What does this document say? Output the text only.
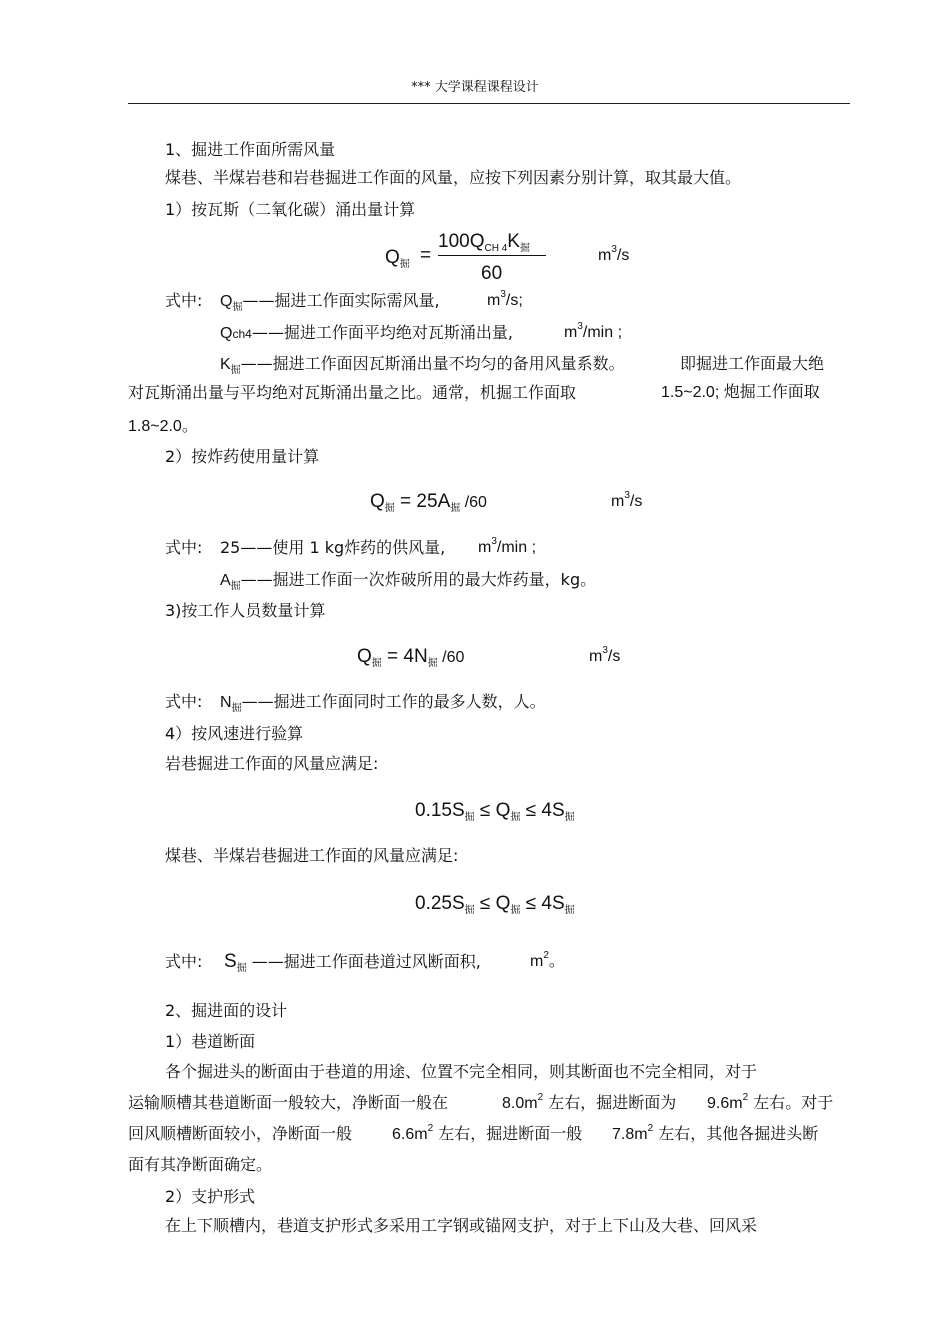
*** 大学课程课程设计
1、掘进工作面所需风量
煤巷、半煤岩巷和岩巷掘进工作面的风量，应按下列因素分别计算，取其最大值。
1）按瓦斯（二氧化碳）涌出量计算
$Q_掘$ =
$100Q_{CH 4}K_掘$
60
$m^3/s$
式中: $Q_掘——$掘进工作面实际需风量,	$m^3/s$;
Qch4——掘进工作面平均绝对瓦斯涌出量,	$m^3/\min$ ;
$K_掘——$掘进工作面因瓦斯涌出量不均匀的备用风量系数。	即掘进工作面最大绝
对瓦斯涌出量与平均绝对瓦斯涌出量之比。通常，机掘工作面取	1.5~2.0; 炮掘工作面取
1.8~2.0。
2）按炸药使用量计算
$Q_掘 = 25A_掘$ /60	$m^3/s$
式中: 25——使用 1 kg炸药的供风量, $m^3/\min$ ;
$A_掘——$掘进工作面一次炸破所用的最大炸药量，kg。
3)按工作人员数量计算
$Q_掘 = 4N_掘$ /60	$m^3/s$
式中: $N_掘——$掘进工作面同时工作的最多人数，人。
4）按风速进行验算
岩巷掘进工作面的风量应满足:
$0.15S_掘 \le Q_掘 \le 4S_掘$
煤巷、半煤岩巷掘进工作面的风量应满足:
$0.25S_掘 \le Q_掘 \le 4S_掘$
式中: $S_掘$ ——掘进工作面巷道过风断面积,	$m^2$。
2、掘进面的设计
1）巷道断面
各个掘进头的断面由于巷道的用途、位置不完全相同，则其断面也不完全相同，对于
运输顺槽其巷道断面一般较大，净断面一般在	$8.0m^2$ 左右，掘进断面为 $9.6m^2$ 左右。对于
回风顺槽断面较小，净断面一般 $6.6m^2$ 左右，掘进断面一般 $7.8m^2$ 左右，其他各掘进头断
面有其净断面确定。
2）支护形式
在上下顺槽内，巷道支护形式多采用工字钢或锚网支护，对于上下山及大巷、回风采
